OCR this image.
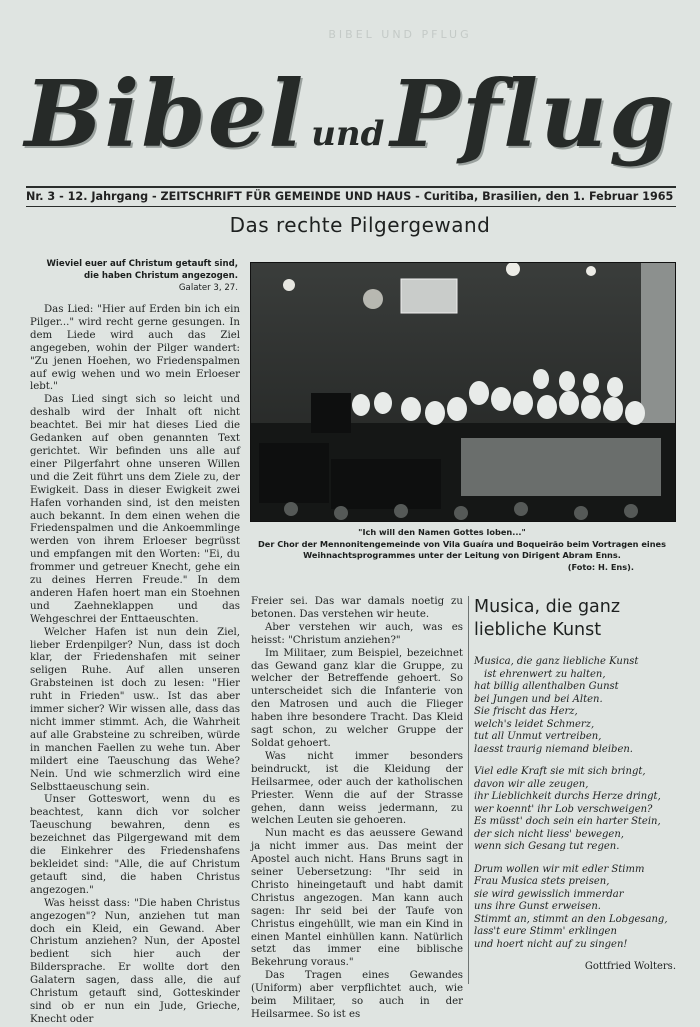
BIBEL UND PFLUG
Bibel und Pflug
Nr. 3 - 12. Jahrgang - ZEITSCHRIFT FÜR GEMEINDE UND HAUS - Curitiba, Brasilien, den 1. Februar 1965
Das rechte Pilgergewand
Wieviel euer auf Christum getauft sind, die haben Christum angezogen.
Galater 3, 27.

Das Lied: "Hier auf Erden bin ich ein Pilger..." wird recht gerne gesungen. In dem Liede wird auch das Ziel angegeben, wohin der Pilger wandert: "Zu jenen Hoehen, wo Friedenspalmen auf ewig wehen und wo mein Erloeser lebt."

Das Lied singt sich so leicht und deshalb wird der Inhalt oft nicht beachtet. Bei mir hat dieses Lied die Gedanken auf oben genannten Text gerichtet. Wir befinden uns alle auf einer Pilgerfahrt ohne unseren Willen und die Zeit führt uns dem Ziele zu, der Ewigkeit. Dass in dieser Ewigkeit zwei Hafen vorhanden sind, ist den meisten auch bekannt. In dem einen wehen die Friedenspalmen und die Ankoemmlinge werden von ihrem Erloeser begrüsst und empfangen mit den Worten: "Ei, du frommer und getreuer Knecht, gehe ein zu deines Herren Freude." In dem anderen Hafen hoert man ein Stoehnen und Zaehneklappen und das Wehgeschrei der Enttaeuschten.

Welcher Hafen ist nun dein Ziel, lieber Erdenpilger? Nun, dass ist doch klar, der Friedenshafen mit seiner seligen Ruhe. Auf allen unseren Grabsteinen ist doch zu lesen: "Hier ruht in Frieden" usw.. Ist das aber immer sicher? Wir wissen alle, dass das nicht immer stimmt. Ach, die Wahrheit auf alle Grabsteine zu schreiben, würde in manchen Faellen zu wehe tun. Aber mildert eine Taeuschung das Wehe? Nein. Und wie schmerzlich wird eine Selbsttaeuschung sein.

Unser Gotteswort, wenn du es beachtest, kann dich vor solcher Taeuschung bewahren, denn es bezeichnet das Pilgergewand mit dem die Einkehrer des Friedenshafens bekleidet sind: "Alle, die auf Christum getauft sind, die haben Christus angezogen."

Was heisst dass: "Die haben Christus angezogen"? Nun, anziehen tut man doch ein Kleid, ein Gewand. Aber Christum anziehen? Nun, der Apostel bedient sich hier auch der Bildersprache. Er wollte dort den Galatern sagen, dass alle, die auf Christum getauft sind, Gotteskinder sind ob er nun ein Jude, Grieche, Knecht oder

"Ich will den Namen Gottes loben..."
Der Chor der Mennonitengemeinde von Vila Guaíra und Boqueirão beim Vortragen eines Weihnachtsprogrammes unter der Leitung von Dirigent Abram Enns.
(Foto: H. Ens).

Freier sei. Das war damals noetig zu betonen. Das verstehen wir heute.

Aber verstehen wir auch, was es heisst: "Christum anziehen?"

Im Militaer, zum Beispiel, bezeichnet das Gewand ganz klar die Gruppe, zu welcher der Betreffende gehoert. So unterscheidet sich die Infanterie von den Matrosen und auch die Flieger haben ihre besondere Tracht. Das Kleid sagt schon, zu welcher Gruppe der Soldat gehoert.

Was nicht immer besonders beindruckt, ist die Kleidung der Heilsarmee, oder auch der katholischen Priester. Wenn die auf der Strasse gehen, dann weiss jedermann, zu welchen Leuten sie gehoeren.

Nun macht es das aeussere Gewand ja nicht immer aus. Das meint der Apostel auch nicht. Hans Bruns sagt in seiner Uebersetzung: "Ihr seid in Christo hineingetauft und habt damit Christus angezogen. Man kann auch sagen: Ihr seid bei der Taufe von Christus eingehüllt, wie man ein Kind in einen Mantel einhüllen kann. Natürlich setzt das immer eine biblische Bekehrung voraus."

Das Tragen eines Gewandes (Uniform) aber verpflichtet auch, wie beim Militaer, so auch in der Heilsarmee. So ist es

Musica, die ganz liebliche Kunst
Musica, die ganz liebliche Kunst
ist ehrenwert zu halten,
hat billig allenthalben Gunst
bei Jungen und bei Alten.
Sie frischt das Herz,
welch's leidet Schmerz,
tut all Unmut vertreiben,
laesst traurig niemand bleiben.
Viel edle Kraft sie mit sich bringt,
davon wir alle zeugen,
ihr Lieblichkeit durchs Herze dringt,
wer koennt' ihr Lob verschweigen?
Es müsst' doch sein ein harter Stein,
der sich nicht liess' bewegen,
wenn sich Gesang tut regen.
Drum wollen wir mit edler Stimm
Frau Musica stets preisen,
sie wird gewisslich immerdar
uns ihre Gunst erweisen.
Stimmt an, stimmt an den Lobgesang,
lass't eure Stimm' erklingen
und hoert nicht auf zu singen!
Gottfried Wolters.
